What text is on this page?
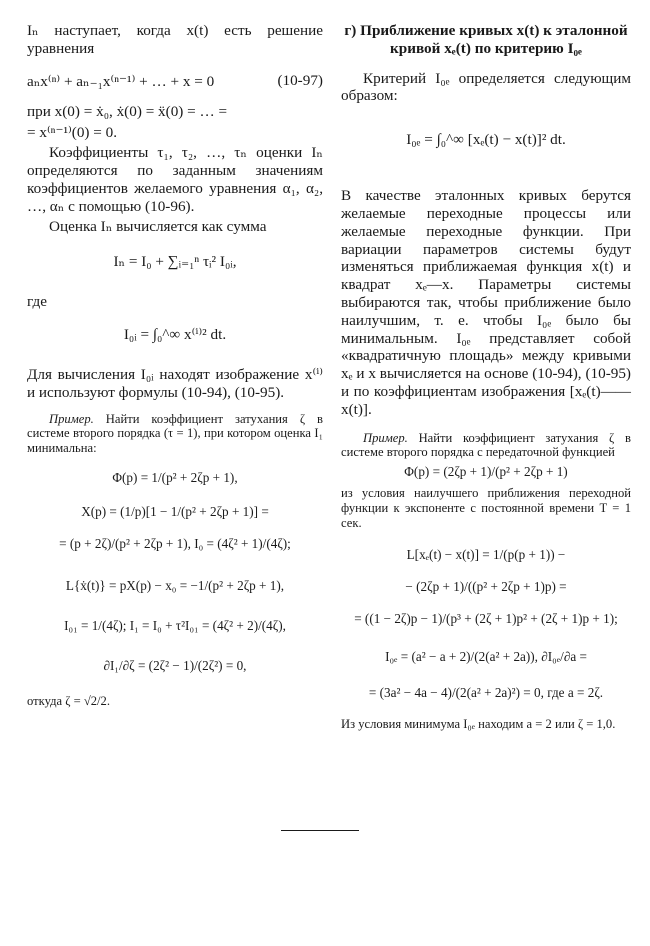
Iₙ наступает, когда x(t) есть решение уравнения

aₙx⁽ⁿ⁾ + aₙ₋₁x⁽ⁿ⁻¹⁾ + … + x = 0	(10-97)

при x(0) = ẋ₀, ẋ(0) = ẍ(0) = … =

= x⁽ⁿ⁻¹⁾(0) = 0.

Коэффициенты τ₁, τ₂, …, τₙ оценки Iₙ определяются по заданным значениям коэффициентов желаемого уравнения α₁, α₂, …, αₙ с помощью (10-96).

Оценка Iₙ вычисляется как сумма

Iₙ = I₀ + ∑ᵢ₌₁ⁿ τᵢ² I₀ᵢ,

где

I₀ᵢ = ∫₀^∞ x⁽ⁱ⁾² dt.

Для вычисления I₀ᵢ находят изображение x⁽ⁱ⁾ и используют формулы (10-94), (10-95).

Пример. Найти коэффициент затухания ζ в системе второго порядка (τ = 1), при котором оценка I₁ минимальна:

Φ(p) = 1/(p² + 2ζp + 1),
X(p) = (1/p)[1 − 1/(p² + 2ζp + 1)] =
= (p + 2ζ)/(p² + 2ζp + 1), I₀ = (4ζ² + 1)/(4ζ);
L{ẋ(t)} = pX(p) − x₀ = −1/(p² + 2ζp + 1),
I₀₁ = 1/(4ζ); I₁ = I₀ + τ²I₀₁ = (4ζ² + 2)/(4ζ),
∂I₁/∂ζ = (2ζ² − 1)/(2ζ²) = 0,

откуда ζ = √2/2.

г) Приближение кривых x(t) к эталонной кривой xₑ(t) по критерию I₀ₑ

Критерий I₀ₑ определяется следующим образом:

I₀ₑ = ∫₀^∞ [xₑ(t) − x(t)]² dt.

В качестве эталонных кривых берутся желаемые переходные процессы или желаемые переходные функции. При вариации параметров системы будут изменяться приближаемая функция x(t) и квадрат xₑ—x. Параметры системы выбираются так, чтобы приближение было наилучшим, т. е. чтобы I₀ₑ было бы минимальным. I₀ₑ представляет собой «квадратичную площадь» между кривыми xₑ и x вычисляется на основе (10-94), (10-95) и по коэффициентам изображения [xₑ(t)——x(t)].

Пример. Найти коэффициент затухания ζ в системе второго порядка с передаточной функцией

Φ(p) = (2ζp + 1)/(p² + 2ζp + 1)

из условия наилучшего приближения переходной функции к экспоненте с постоянной времени T = 1 сек.

L[xₑ(t) − x(t)] = 1/(p(p + 1)) −
− (2ζp + 1)/((p² + 2ζp + 1)p) =
= ((1 − 2ζ)p − 1)/(p³ + (2ζ + 1)p² + (2ζ + 1)p + 1);
I₀ₑ = (a² − a + 2)/(2(a² + 2a)), ∂I₀ₑ/∂a =
= (3a² − 4a − 4)/(2(a² + 2a)²) = 0, где a = 2ζ.

Из условия минимума I₀ₑ находим a = 2 или ζ = 1,0.
